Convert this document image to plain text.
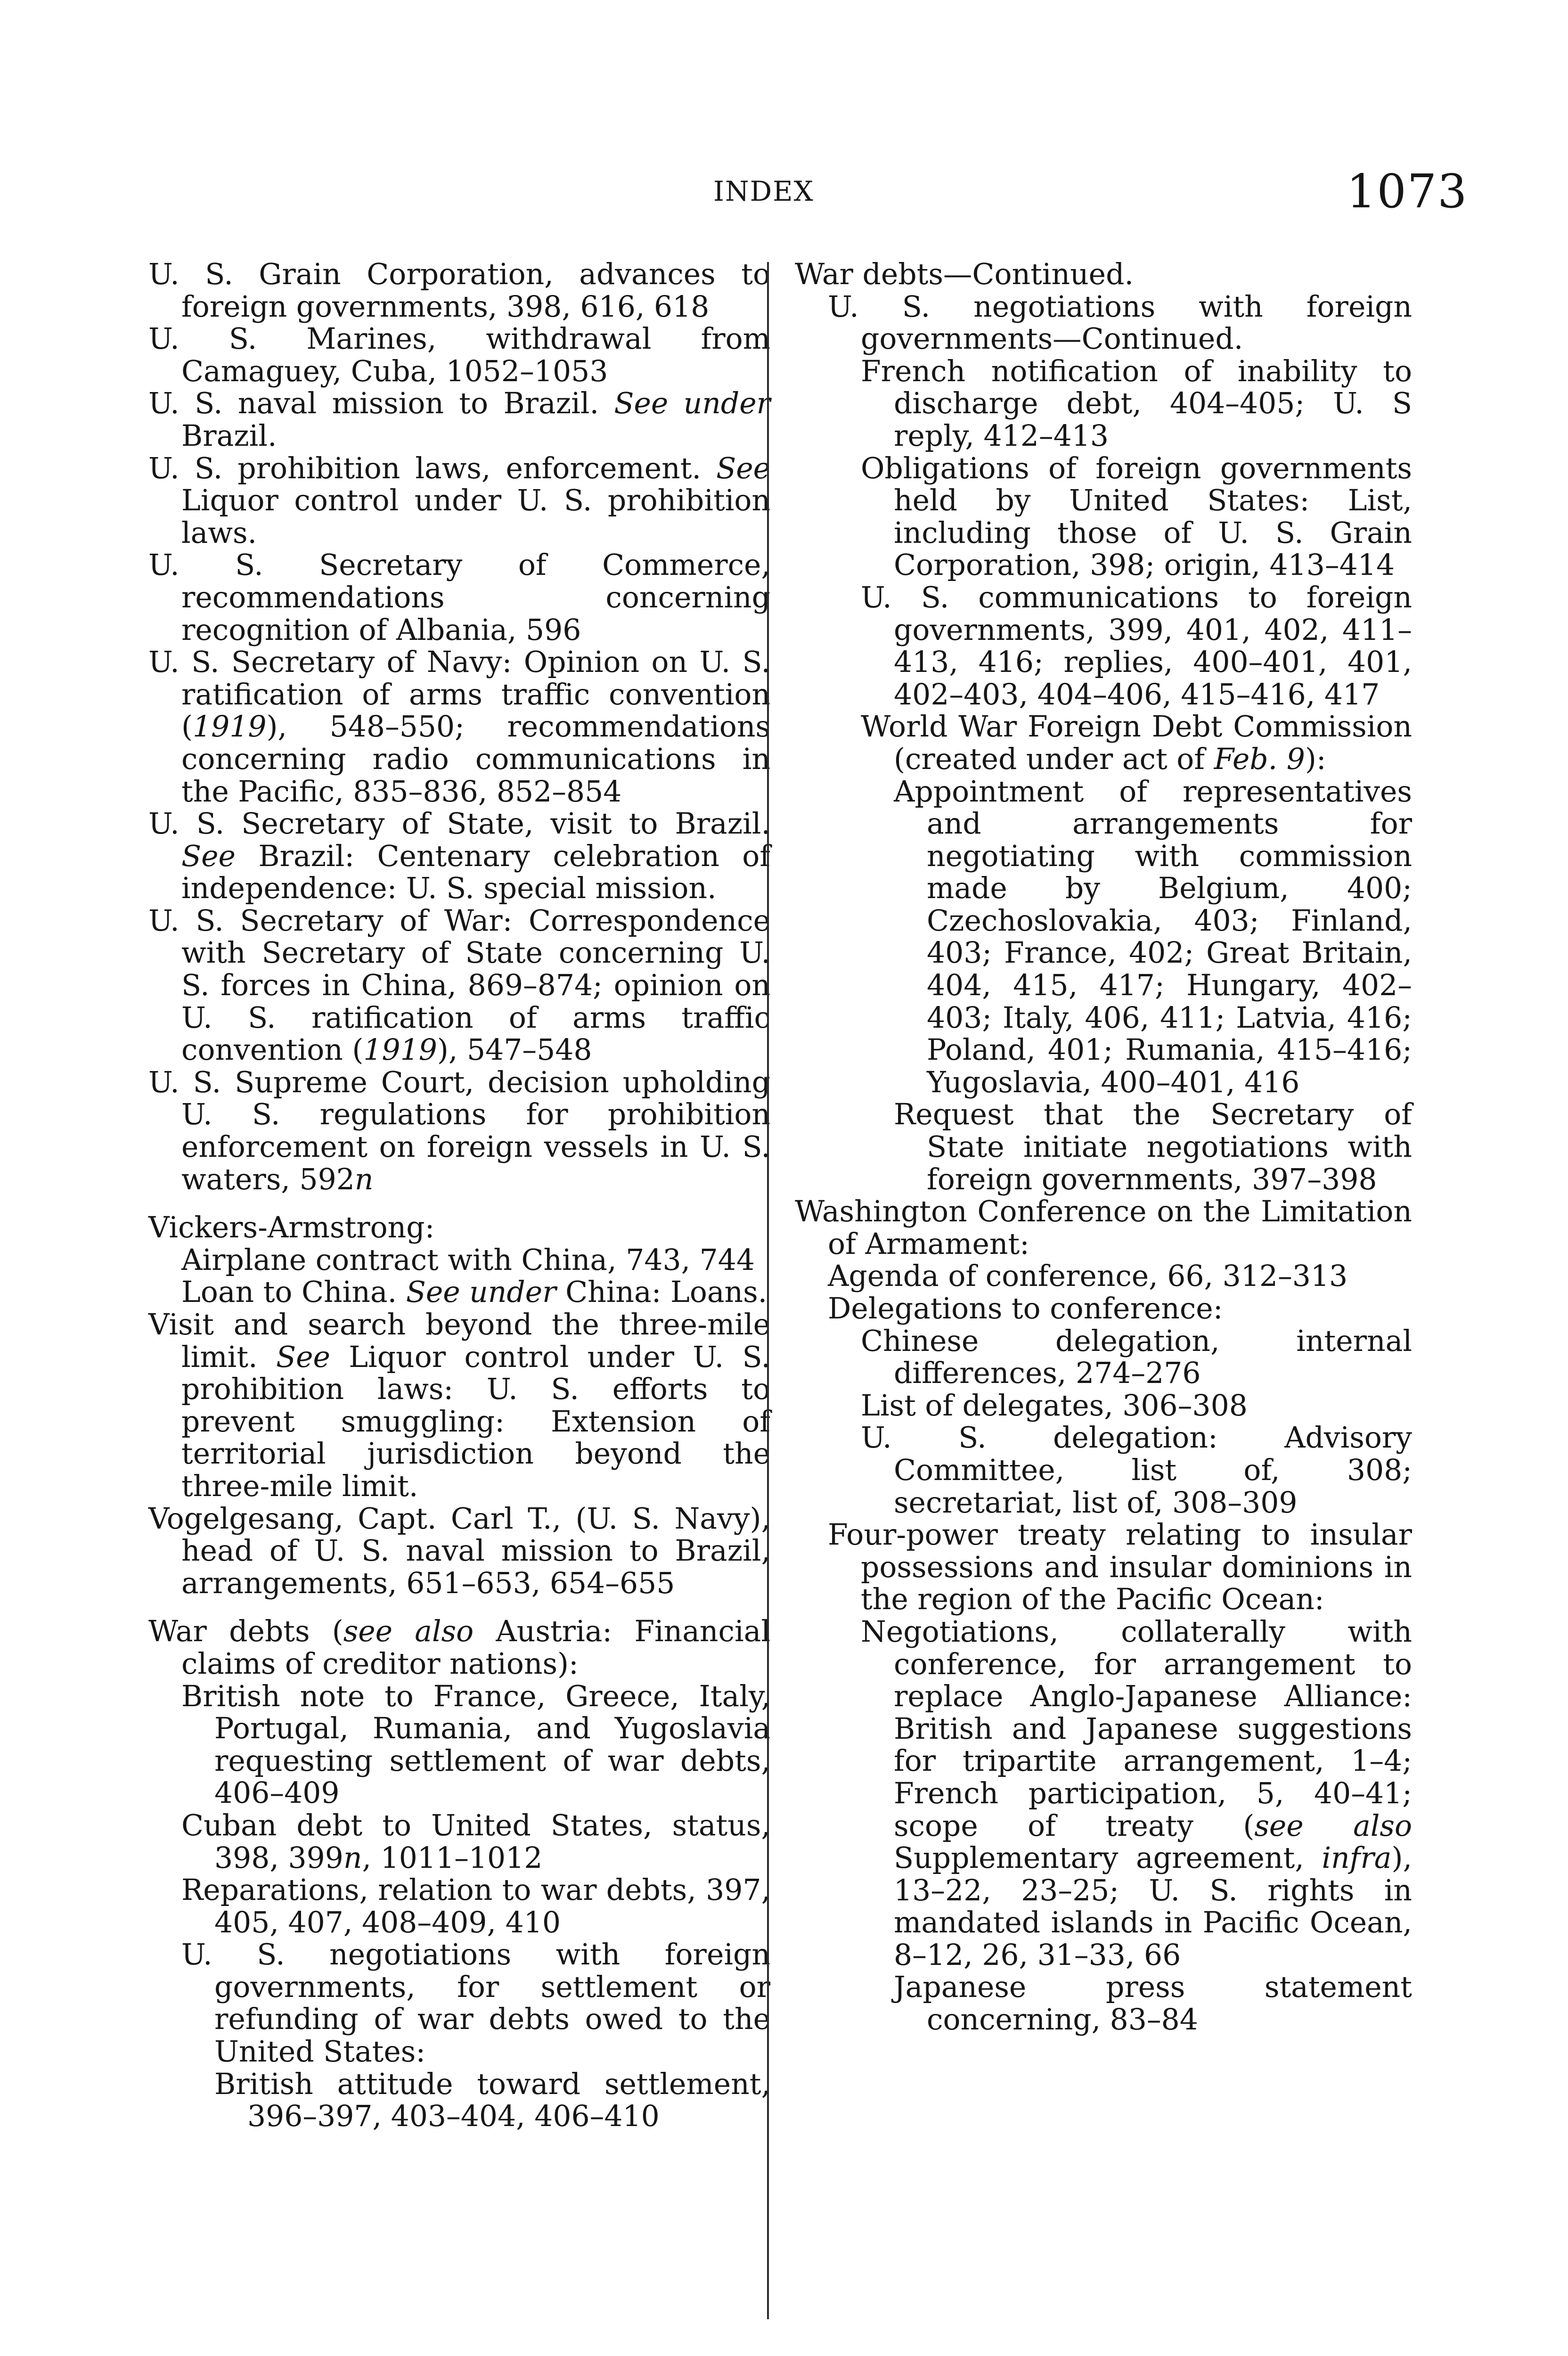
INDEX	1073

U. S. Grain Corporation, advances to foreign governments, 398, 616, 618

U. S. Marines, withdrawal from Camaguey, Cuba, 1052–1053

U. S. naval mission to Brazil. See under Brazil.

U. S. prohibition laws, enforcement. See Liquor control under U. S. prohibition laws.

U. S. Secretary of Commerce, recommendations concerning recognition of Albania, 596

U. S. Secretary of Navy: Opinion on U. S. ratification of arms traffic convention (1919), 548–550; recommendations concerning radio communications in the Pacific, 835–836, 852–854

U. S. Secretary of State, visit to Brazil. See Brazil: Centenary celebration of independence: U. S. special mission.

U. S. Secretary of War: Correspondence with Secretary of State concerning U. S. forces in China, 869–874; opinion on U. S. ratification of arms traffic convention (1919), 547–548

U. S. Supreme Court, decision upholding U. S. regulations for prohibition enforcement on foreign vessels in U. S. waters, 592n

Vickers-Armstrong:

Airplane contract with China, 743, 744

Loan to China. See under China: Loans.

Visit and search beyond the three-mile limit. See Liquor control under U. S. prohibition laws: U. S. efforts to prevent smuggling: Extension of territorial jurisdiction beyond the three-mile limit.

Vogelgesang, Capt. Carl T., (U. S. Navy), head of U. S. naval mission to Brazil, arrangements, 651–653, 654–655

War debts (see also Austria: Financial claims of creditor nations):

British note to France, Greece, Italy, Portugal, Rumania, and Yugoslavia requesting settlement of war debts, 406–409

Cuban debt to United States, status, 398, 399n, 1011–1012

Reparations, relation to war debts, 397, 405, 407, 408–409, 410

U. S. negotiations with foreign governments, for settlement or refunding of war debts owed to the United States:

British attitude toward settlement, 396–397, 403–404, 406–410

War debts—Continued.

U. S. negotiations with foreign governments—Continued.

French notification of inability to discharge debt, 404–405; U. S reply, 412–413

Obligations of foreign governments held by United States: List, including those of U. S. Grain Corporation, 398; origin, 413–414

U. S. communications to foreign governments, 399, 401, 402, 411–413, 416; replies, 400–401, 401, 402–403, 404–406, 415–416, 417

World War Foreign Debt Commission (created under act of Feb. 9):

Appointment of representatives and arrangements for negotiating with commission made by Belgium, 400; Czechoslovakia, 403; Finland, 403; France, 402; Great Britain, 404, 415, 417; Hungary, 402–403; Italy, 406, 411; Latvia, 416; Poland, 401; Rumania, 415–416; Yugoslavia, 400–401, 416

Request that the Secretary of State initiate negotiations with foreign governments, 397–398

Washington Conference on the Limitation of Armament:

Agenda of conference, 66, 312–313

Delegations to conference:

Chinese delegation, internal differences, 274–276

List of delegates, 306–308

U. S. delegation: Advisory Committee, list of, 308; secretariat, list of, 308–309

Four-power treaty relating to insular possessions and insular dominions in the region of the Pacific Ocean:

Negotiations, collaterally with conference, for arrangement to replace Anglo-Japanese Alliance: British and Japanese suggestions for tripartite arrangement, 1–4; French participation, 5, 40–41; scope of treaty (see also Supplementary agreement, infra), 13–22, 23–25; U. S. rights in mandated islands in Pacific Ocean, 8–12, 26, 31–33, 66

Japanese press statement concerning, 83–84
